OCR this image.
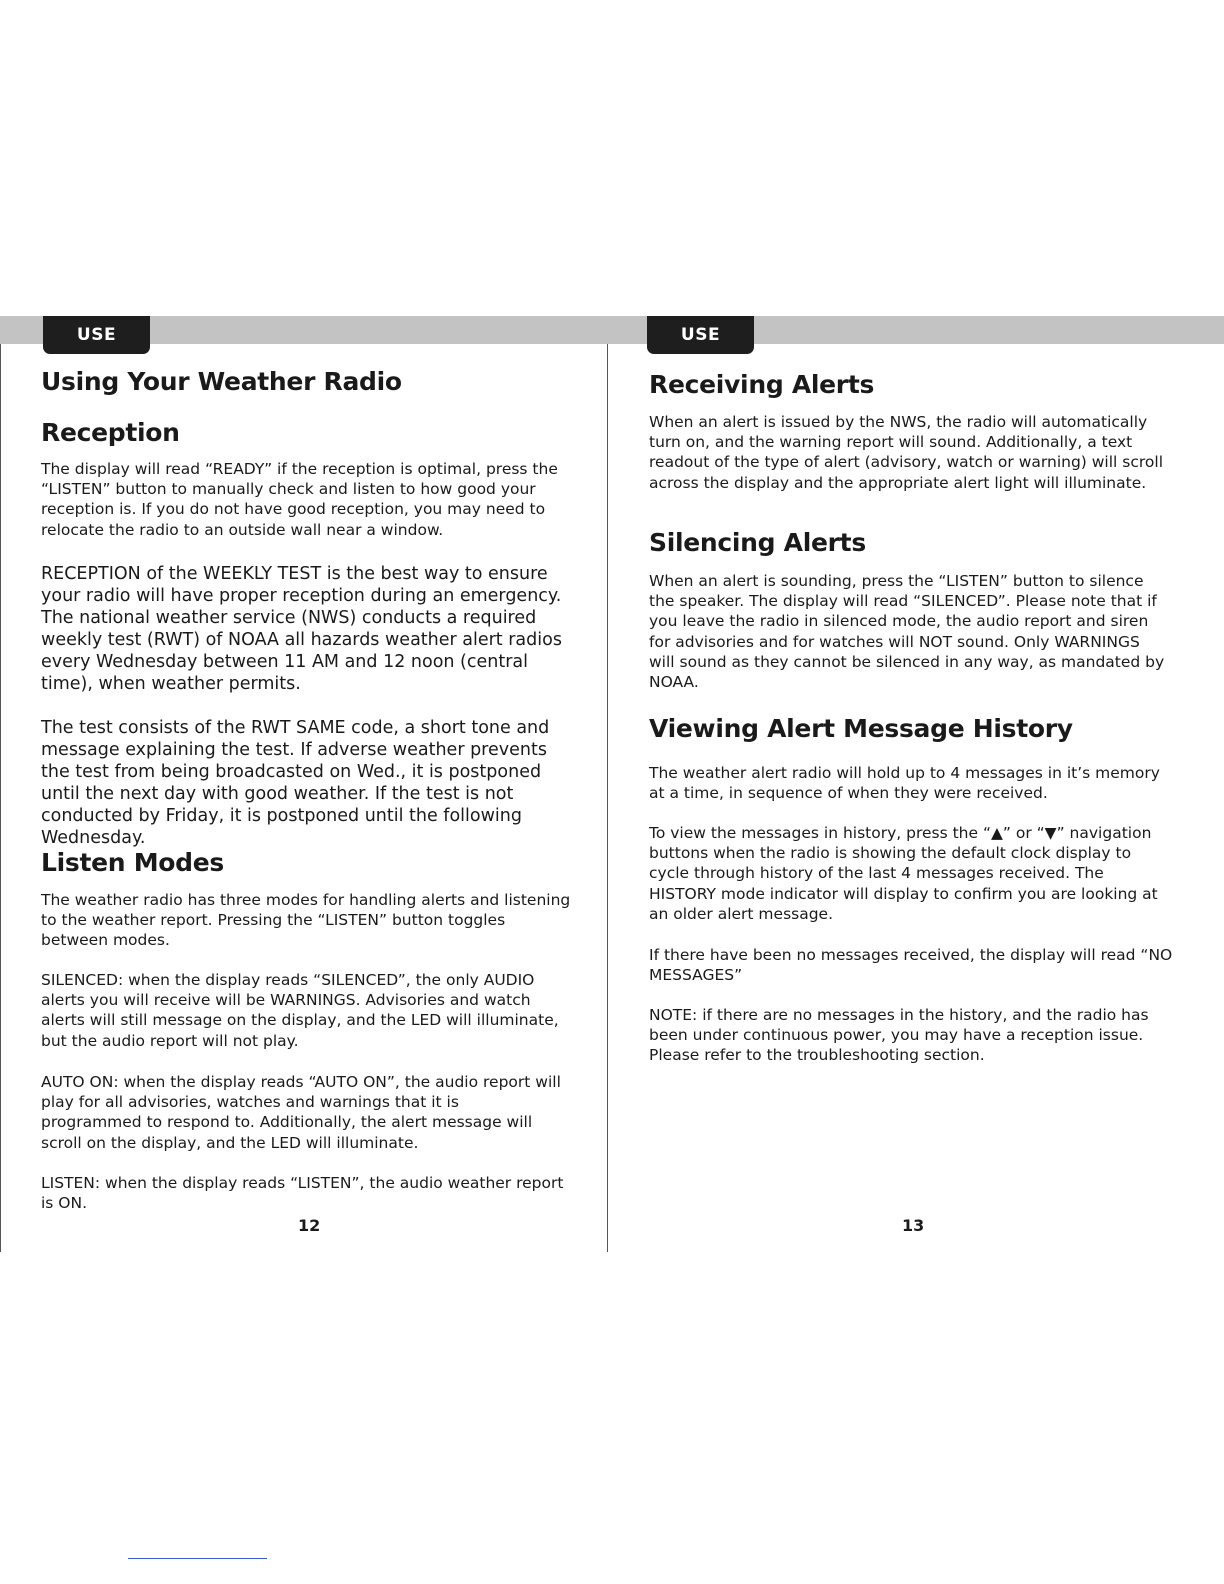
USE	USE
Using Your Weather Radio
Reception

The display will read “READY” if the reception is optimal, press the “LISTEN” button to manually check and listen to how good your reception is. If you do not have good reception, you may need to relocate the radio to an outside wall near a window.

RECEPTION of the WEEKLY TEST is the best way to ensure your radio will have proper reception during an emergency. The national weather service (NWS) conducts a required weekly test (RWT) of NOAA all hazards weather alert radios every Wednesday between 11 AM and 12 noon (central time), when weather permits.

The test consists of the RWT SAME code, a short tone and message explaining the test. If adverse weather prevents the test from being broadcasted on Wed., it is postponed until the next day with good weather. If the test is not conducted by Friday, it is postponed until the following Wednesday.

Listen Modes

The weather radio has three modes for handling alerts and listening to the weather report. Pressing the “LISTEN” button toggles between modes.

SILENCED: when the display reads “SILENCED”, the only AUDIO alerts you will receive will be WARNINGS. Advisories and watch alerts will still message on the display, and the LED will illuminate, but the audio report will not play.

AUTO ON: when the display reads “AUTO ON”, the audio report will play for all advisories, watches and warnings that it is programmed to respond to. Additionally, the alert message will scroll on the display, and the LED will illuminate.

LISTEN: when the display reads “LISTEN”, the audio weather report is ON.

12
Receiving Alerts

When an alert is issued by the NWS, the radio will automatically turn on, and the warning report will sound. Additionally, a text readout of the type of alert (advisory, watch or warning) will scroll across the display and the appropriate alert light will illuminate.

Silencing Alerts

When an alert is sounding, press the “LISTEN” button to silence the speaker. The display will read “SILENCED”. Please note that if you leave the radio in silenced mode, the audio report and siren for advisories and for watches will NOT sound. Only WARNINGS will sound as they cannot be silenced in any way, as mandated by NOAA.

Viewing Alert Message History

The weather alert radio will hold up to 4 messages in it’s memory at a time, in sequence of when they were received.

To view the messages in history, press the “▲” or “▼” navigation buttons when the radio is showing the default clock display to cycle through history of the last 4 messages received. The HISTORY mode indicator will display to confirm you are looking at an older alert message.

If there have been no messages received, the display will read “NO MESSAGES”

NOTE: if there are no messages in the history, and the radio has been under continuous power, you may have a reception issue. Please refer to the troubleshooting section.

13
